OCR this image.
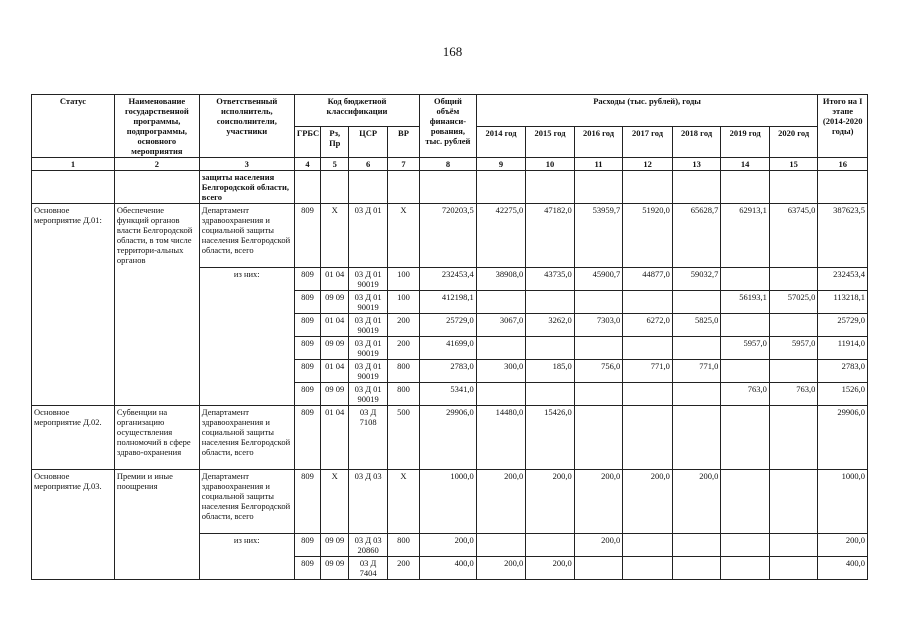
168
Статус	Наименование государственной программы, подпрограммы, основного мероприятия	Ответственный исполнитель, соисполнители, участники	Код бюджетной классификации				Общий объём финанси-рования, тыс. рублей	Расходы (тыс. рублей), годы							Итого на I этапе (2014-2020 годы)
			ГРБС	Рз, Пр	ЦСР	ВР		2014 год	2015 год	2016 год	2017 год	2018 год	2019 год	2020 год	
1	2	3	4	5	6	7	8	9	10	11	12	13	14	15	16
		защиты населения Белгородской области, всего													
Основное мероприятие Д.01:	Обеспечение функций органов власти Белгородской области, в том числе территори-альных органов	Департамент здравоохранения и социальной защиты населения Белгородской области, всего	809	X	03 Д 01	X	720203,5	42275,0	47182,0	53959,7	51920,0	65628,7	62913,1	63745,0	387623,5
		из них:	809	01 04	03 Д 01 90019	100	232453,4	38908,0	43735,0	45900,7	44877,0	59032,7			232453,4
			809	09 09	03 Д 01 90019	100	412198,1						56193,1	57025,0	113218,1
			809	01 04	03 Д 01 90019	200	25729,0	3067,0	3262,0	7303,0	6272,0	5825,0			25729,0
			809	09 09	03 Д 01 90019	200	41699,0						5957,0	5957,0	11914,0
			809	01 04	03 Д 01 90019	800	2783,0	300,0	185,0	756,0	771,0	771,0			2783,0
			809	09 09	03 Д 01 90019	800	5341,0						763,0	763,0	1526,0
Основное мероприятие Д.02.	Субвенции на организацию осуществления полномочий в сфере здраво-охранения	Департамент здравоохранения и социальной защиты населения Белгородской области, всего	809	01 04	03 Д 7108	500	29906,0	14480,0	15426,0						29906,0
Основное мероприятие Д.03.	Премии и иные поощрения	Департамент здравоохранения и социальной защиты населения Белгородской области, всего	809	X	03 Д 03	X	1000,0	200,0	200,0	200,0	200,0	200,0			1000,0
		из них:	809	09 09	03 Д 03 20860	800	200,0			200,0					200,0
			809	09 09	03 Д 7404	200	400,0	200,0	200,0						400,0
